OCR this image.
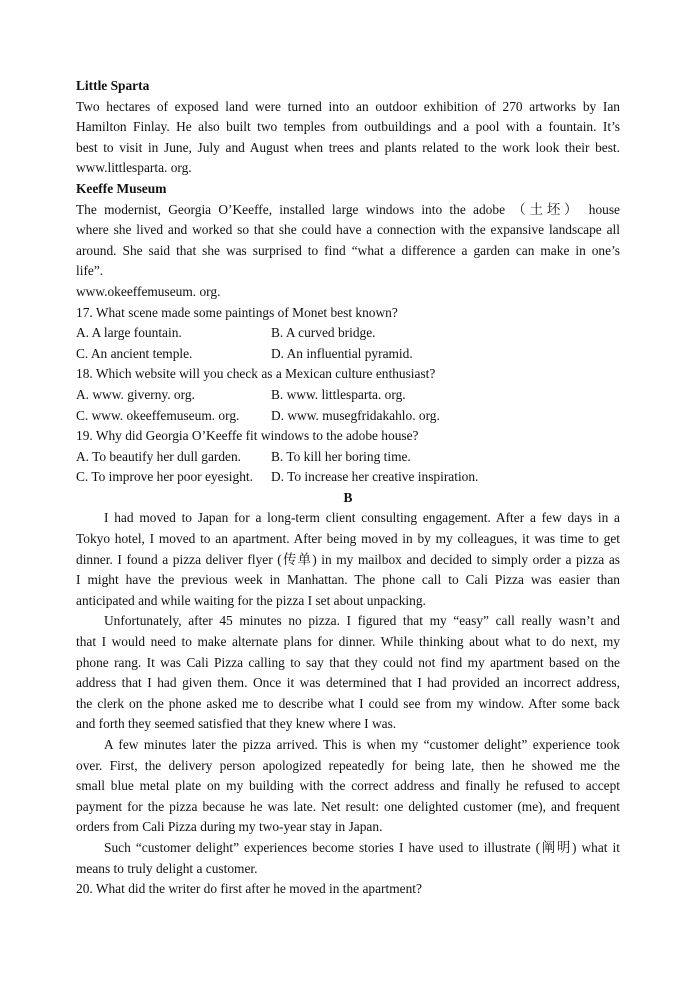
Little Sparta

Two hectares of exposed land were turned into an outdoor exhibition of 270 artworks by Ian

Hamilton Finlay. He also built two temples from outbuildings and a pool with a fountain. It’s

best to visit in June, July and August when trees and plants related to the work look their best.

www.littlesparta. org.

Keeffe Museum

The modernist, Georgia O’Keeffe, installed large windows into the adobe （土坯） house

where she lived and worked so that she could have a connection with the expansive landscape all

around. She said that she was surprised to find “what a difference a garden can make in one’s

life”.

www.okeeffemuseum. org.

17. What scene made some paintings of Monet best known?

A. A large fountain.	B. A curved bridge.
C. An ancient temple.	D. An influential pyramid.

18. Which website will you check as a Mexican culture enthusiast?

A. www. giverny. org.	B. www. littlesparta. org.
C. www. okeeffemuseum. org.	D. www. musegfridakahlo. org.

19. Why did Georgia O’Keeffe fit windows to the adobe house?

A. To beautify her dull garden.	B. To kill her boring time.
C. To improve her poor eyesight.	D. To increase her creative inspiration.

B

I had moved to Japan for a long-term client consulting engagement. After a few days in a

Tokyo hotel, I moved to an apartment. After being moved in by my colleagues, it was time to get

dinner. I found a pizza deliver flyer (传单) in my mailbox and decided to simply order a pizza as

I might have the previous week in Manhattan. The phone call to Cali Pizza was easier than

anticipated and while waiting for the pizza I set about unpacking.

Unfortunately, after 45 minutes no pizza. I figured that my “easy” call really wasn’t and

that I would need to make alternate plans for dinner. While thinking about what to do next, my

phone rang. It was Cali Pizza calling to say that they could not find my apartment based on the

address that I had given them. Once it was determined that I had provided an incorrect address,

the clerk on the phone asked me to describe what I could see from my window. After some back

and forth they seemed satisfied that they knew where I was.

A few minutes later the pizza arrived. This is when my “customer delight” experience took

over. First, the delivery person apologized repeatedly for being late, then he showed me the

small blue metal plate on my building with the correct address and finally he refused to accept

payment for the pizza because he was late. Net result: one delighted customer (me), and frequent

orders from Cali Pizza during my two-year stay in Japan.

Such “customer delight” experiences become stories I have used to illustrate (阐明) what it

means to truly delight a customer.

20. What did the writer do first after he moved in the apartment?
